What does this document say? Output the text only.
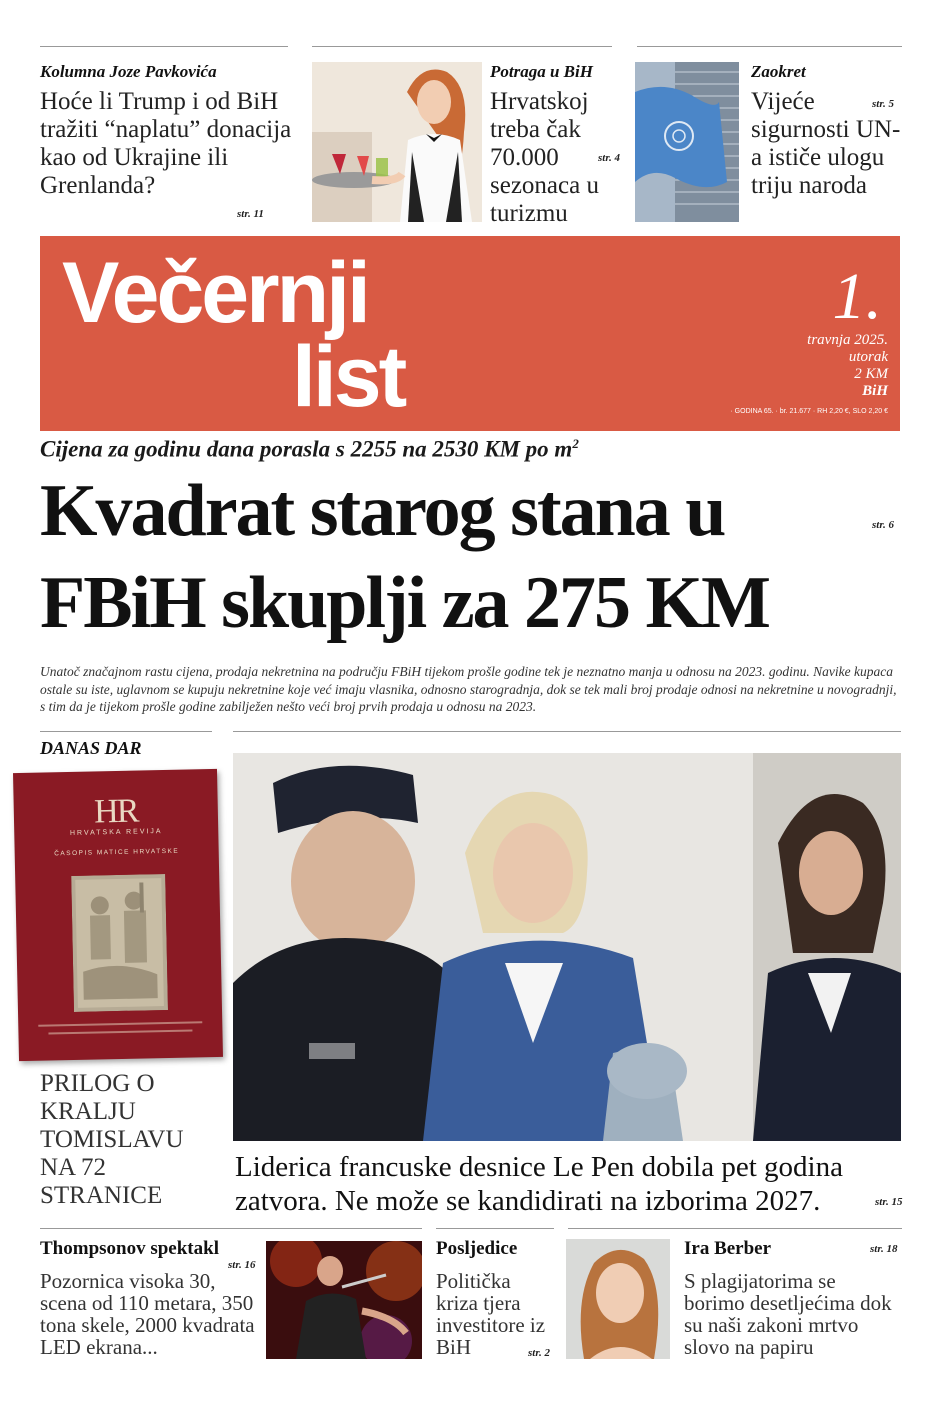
Kolumna Joze Pavkovića
Hoće li Trump i od BiH tražiti “naplatu” donacija kao od Ukrajine ili Grenlanda?
str. 11
Potraga u BiH
Hrvatskoj treba čak 70.000 sezonaca u turizmu
str. 4
Zaokret
Vijeće sigurnosti UN-a ističe ulogu triju naroda
str. 5
Večernji
list
1.
travnja 2025.
utorak
2 KM
BiH
· GODINA 65. · br. 21.677 · RH 2,20 €, SLO 2,20 €
Cijena za godinu dana porasla s 2255 na 2530 KM po $m^2$
Kvadrat starog stana u
FBiH skuplji za 275 KM
str. 6
Unatoč značajnom rastu cijena, prodaja nekretnina na području FBiH tijekom prošle godine tek je neznatno manja u odnosu na 2023. godinu. Navike kupaca ostale su iste, uglavnom se kupuju nekretnine koje već imaju vlasnika, odnosno starogradnja, dok se tek mali broj prodaje odnosi na nekretnine u novogradnji, s tim da je tijekom prošle godine zabilježen nešto veći broj prvih prodaja u odnosu na 2023.
DANAS DAR
HR
HRVATSKA REVIJA
ČASOPIS MATICE HRVATSKE
PRILOG O KRALJU TOMISLAVU NA 72 STRANICE
Liderica francuske desnice Le Pen dobila pet godina zatvora. Ne može se kandidirati na izborima 2027.	str. 15
Thompsonov spektakl
str. 16
Pozornica visoka 30, scena od 110 metara, 350 tona skele, 2000 kvadrata LED ekrana...
Posljedice
Politička kriza tjera investitore iz BiH	str. 2
Ira Berber	str. 18
S plagijatorima se borimo desetljećima dok su naši zakoni mrtvo slovo na papiru
